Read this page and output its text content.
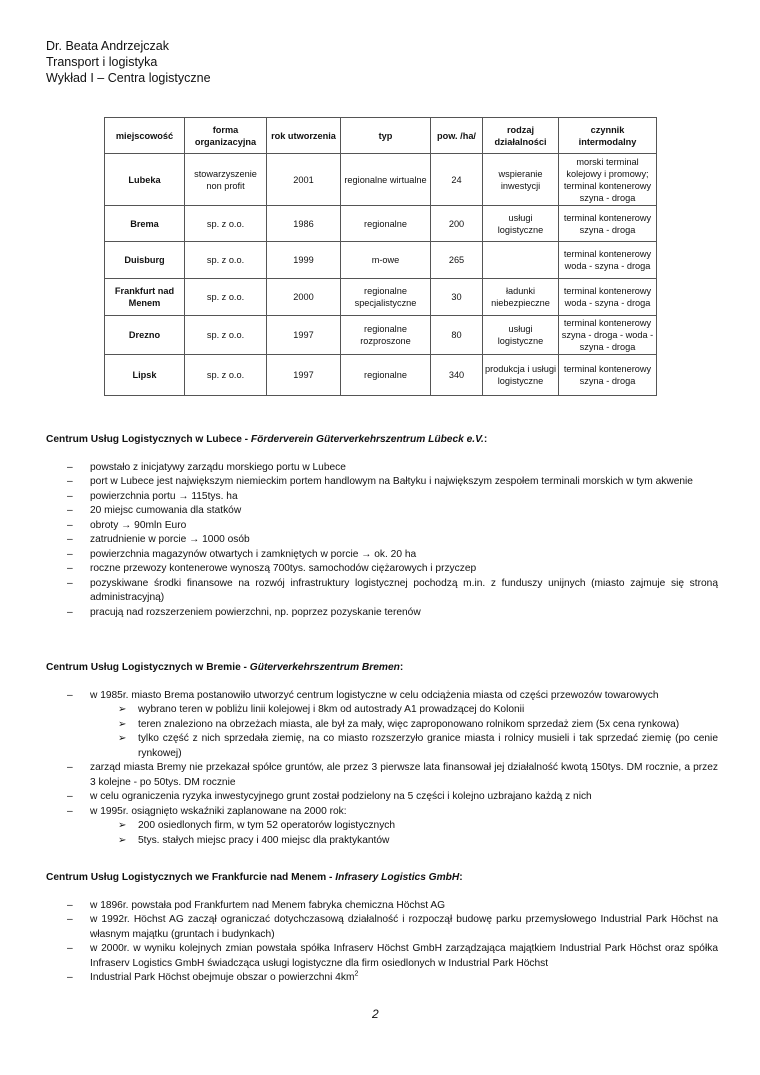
Dr. Beata Andrzejczak
Transport i logistyka
Wykład I – Centra logistyczne
miejscowość	forma organizacyjna	rok utworzenia	typ	pow. /ha/	rodzaj działalności	czynnik intermodalny
Lubeka	stowarzyszenie non profit	2001	regionalne wirtualne	24	wspieranie inwestycji	morski terminal kolejowy i promowy; terminal kontenerowy szyna - droga
Brema	sp. z o.o.	1986	regionalne	200	usługi logistyczne	terminal kontenerowy szyna - droga
Duisburg	sp. z o.o.	1999	m-owe	265		terminal kontenerowy woda - szyna - droga
Frankfurt nad Menem	sp. z o.o.	2000	regionalne specjalistyczne	30	ładunki niebezpieczne	terminal kontenerowy woda - szyna - droga
Drezno	sp. z o.o.	1997	regionalne rozproszone	80	usługi logistyczne	terminal kontenerowy szyna - droga - woda - szyna - droga
Lipsk	sp. z o.o.	1997	regionalne	340	produkcja i usługi logistyczne	terminal kontenerowy szyna - droga

Centrum Usług Logistycznych w Lubece - Förderverein Güterverkehrszentrum Lübeck e.V.:

– powstało z inicjatywy zarządu morskiego portu w Lubece
– port w Lubece jest największym niemieckim portem handlowym na Bałtyku i największym zespołem terminali morskich w tym akwenie
– powierzchnia portu → 115tys. ha
– 20 miejsc cumowania dla statków
– obroty → 90mln Euro
– zatrudnienie w porcie → 1000 osób
– powierzchnia magazynów otwartych i zamkniętych w porcie → ok. 20 ha
– roczne przewozy kontenerowe wynoszą 700tys. samochodów ciężarowych i przyczep
– pozyskiwane środki finansowe na rozwój infrastruktury logistycznej pochodzą m.in. z funduszy unijnych (miasto zajmuje się stroną administracyjną)
– pracują nad rozszerzeniem powierzchni, np. poprzez pozyskanie terenów

Centrum Usług Logistycznych w Bremie - Güterverkehrszentrum Bremen:

– w 1985r. miasto Brema postanowiło utworzyć centrum logistyczne w celu odciążenia miasta od części przewozów towarowych
➢ wybrano teren w pobliżu linii kolejowej i 8km od autostrady A1 prowadzącej do Kolonii
➢ teren znaleziono na obrzeżach miasta, ale był za mały, więc zaproponowano rolnikom sprzedaż ziem (5x cena rynkowa)
➢ tylko część z nich sprzedała ziemię, na co miasto rozszerzyło granice miasta i rolnicy musieli i tak sprzedać ziemię (po cenie rynkowej)
– zarząd miasta Bremy nie przekazał spółce gruntów, ale przez 3 pierwsze lata finansował jej działalność kwotą 150tys. DM rocznie, a przez 3 kolejne - po 50tys. DM rocznie
– w celu ograniczenia ryzyka inwestycyjnego grunt został podzielony na 5 części i kolejno uzbrajano każdą z nich
– w 1995r. osiągnięto wskaźniki zaplanowane na 2000 rok:
➢ 200 osiedlonych firm, w tym 52 operatorów logistycznych
➢ 5tys. stałych miejsc pracy i 400 miejsc dla praktykantów

Centrum Usług Logistycznych we Frankfurcie nad Menem - Infrasery Logistics GmbH:

– w 1896r. powstała pod Frankfurtem nad Menem fabryka chemiczna Höchst AG
– w 1992r. Höchst AG zaczął ograniczać dotychczasową działalność i rozpoczął budowę parku przemysłowego Industrial Park Höchst na własnym majątku (gruntach i budynkach)
– w 2000r. w wyniku kolejnych zmian powstała spółka Infraserv Höchst GmbH zarządzająca majątkiem Industrial Park Höchst oraz spółka Infraserv Logistics GmbH świadcząca usługi logistyczne dla firm osiedlonych w Industrial Park Höchst
– Industrial Park Höchst obejmuje obszar o powierzchni $4km^2$
2
